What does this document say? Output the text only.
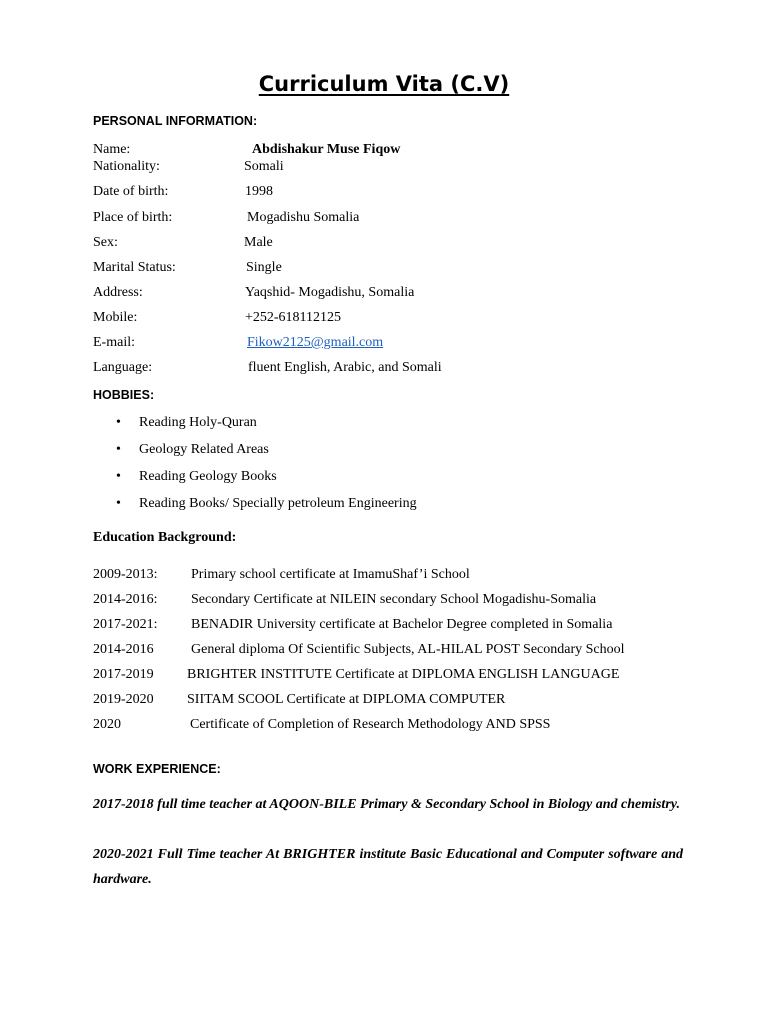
Curriculum Vita (C.V)
PERSONAL INFORMATION:
Name:	Abdishakur Muse Fiqow
Nationality:	Somali
Date of birth:	1998
Place of birth:	Mogadishu Somalia
Sex:	Male
Marital Status:	Single
Address:	Yaqshid- Mogadishu, Somalia
Mobile:	+252-618112125
E-mail:	Fikow2125@gmail.com
Language:	fluent English, Arabic, and Somali
HOBBIES:
• Reading Holy-Quran
• Geology Related Areas
• Reading Geology Books
• Reading Books/ Specially petroleum Engineering
Education Background:
2009-2013: Primary school certificate at ImamuShaf’i School
2014-2016: Secondary Certificate at NILEIN secondary School Mogadishu-Somalia
2017-2021: BENADIR University certificate at Bachelor Degree completed in Somalia
2014-2016	General diploma Of Scientific Subjects, AL-HILAL POST Secondary School
2017-2019 BRIGHTER INSTITUTE Certificate at DIPLOMA ENGLISH LANGUAGE
2019-2020 SIITAM SCOOL Certificate at DIPLOMA COMPUTER
2020	Certificate of Completion of Research Methodology AND SPSS
WORK EXPERIENCE:
2017-2018 full time teacher at AQOON-BILE Primary & Secondary School in Biology and chemistry.
2020-2021 Full Time teacher At BRIGHTER institute Basic Educational and Computer software and hardware.
